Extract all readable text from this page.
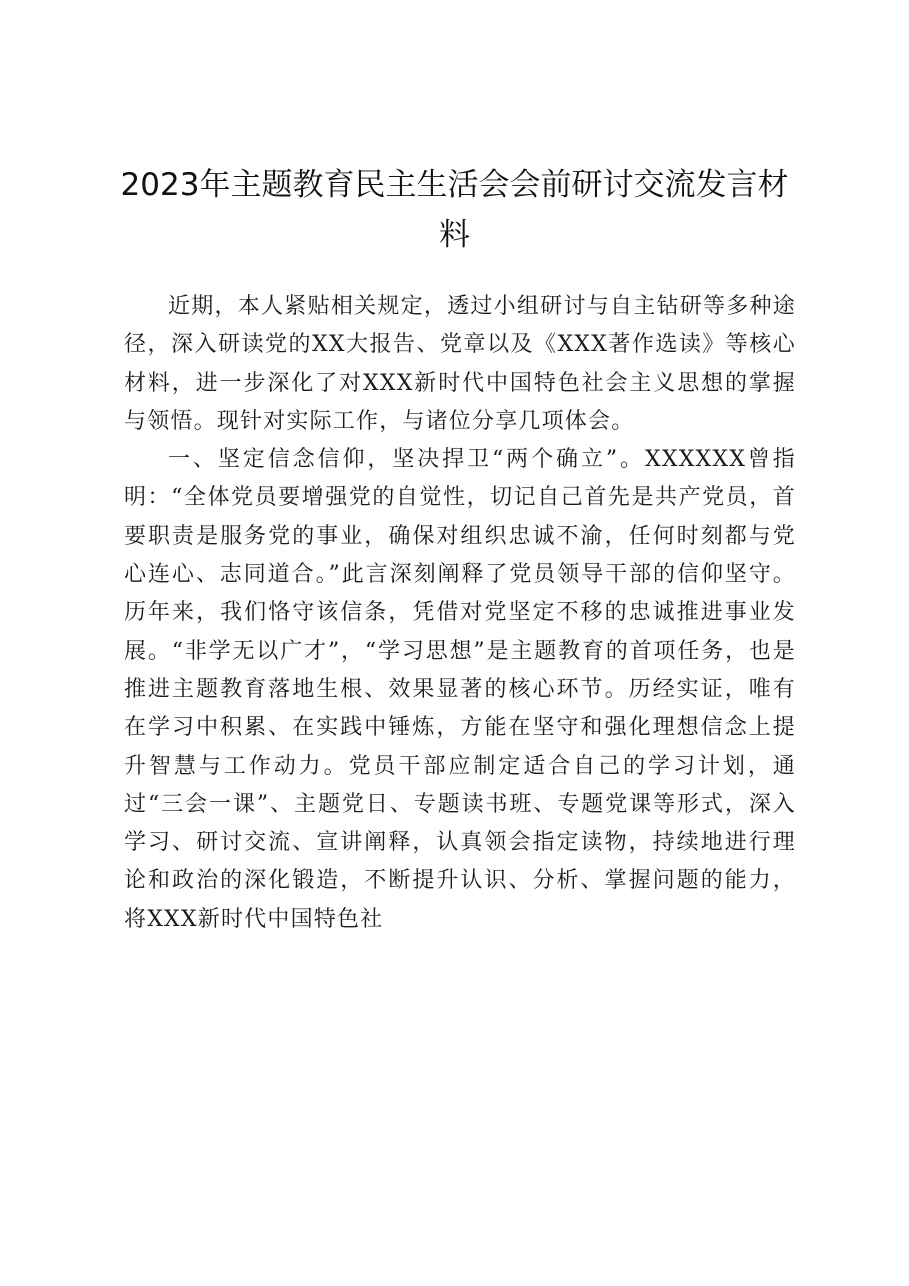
2023年主题教育民主生活会会前研讨交流发言材料

近期，本人紧贴相关规定，透过小组研讨与自主钻研等多种途径，深入研读党的XX大报告、党章以及《XXX著作选读》等核心材料，进一步深化了对XXX新时代中国特色社会主义思想的掌握与领悟。现针对实际工作，与诸位分享几项体会。

一、坚定信念信仰，坚决捍卫“两个确立”。XXXXXX曾指明：“全体党员要增强党的自觉性，切记自己首先是共产党员，首要职责是服务党的事业，确保对组织忠诚不渝，任何时刻都与党心连心、志同道合。”此言深刻阐释了党员领导干部的信仰坚守。历年来，我们恪守该信条，凭借对党坚定不移的忠诚推进事业发展。“非学无以广才”，“学习思想”是主题教育的首项任务，也是推进主题教育落地生根、效果显著的核心环节。历经实证，唯有在学习中积累、在实践中锤炼，方能在坚守和强化理想信念上提升智慧与工作动力。党员干部应制定适合自己的学习计划，通过“三会一课”、主题党日、专题读书班、专题党课等形式，深入学习、研讨交流、宣讲阐释，认真领会指定读物，持续地进行理论和政治的深化锻造，不断提升认识、分析、掌握问题的能力，将XXX新时代中国特色社
